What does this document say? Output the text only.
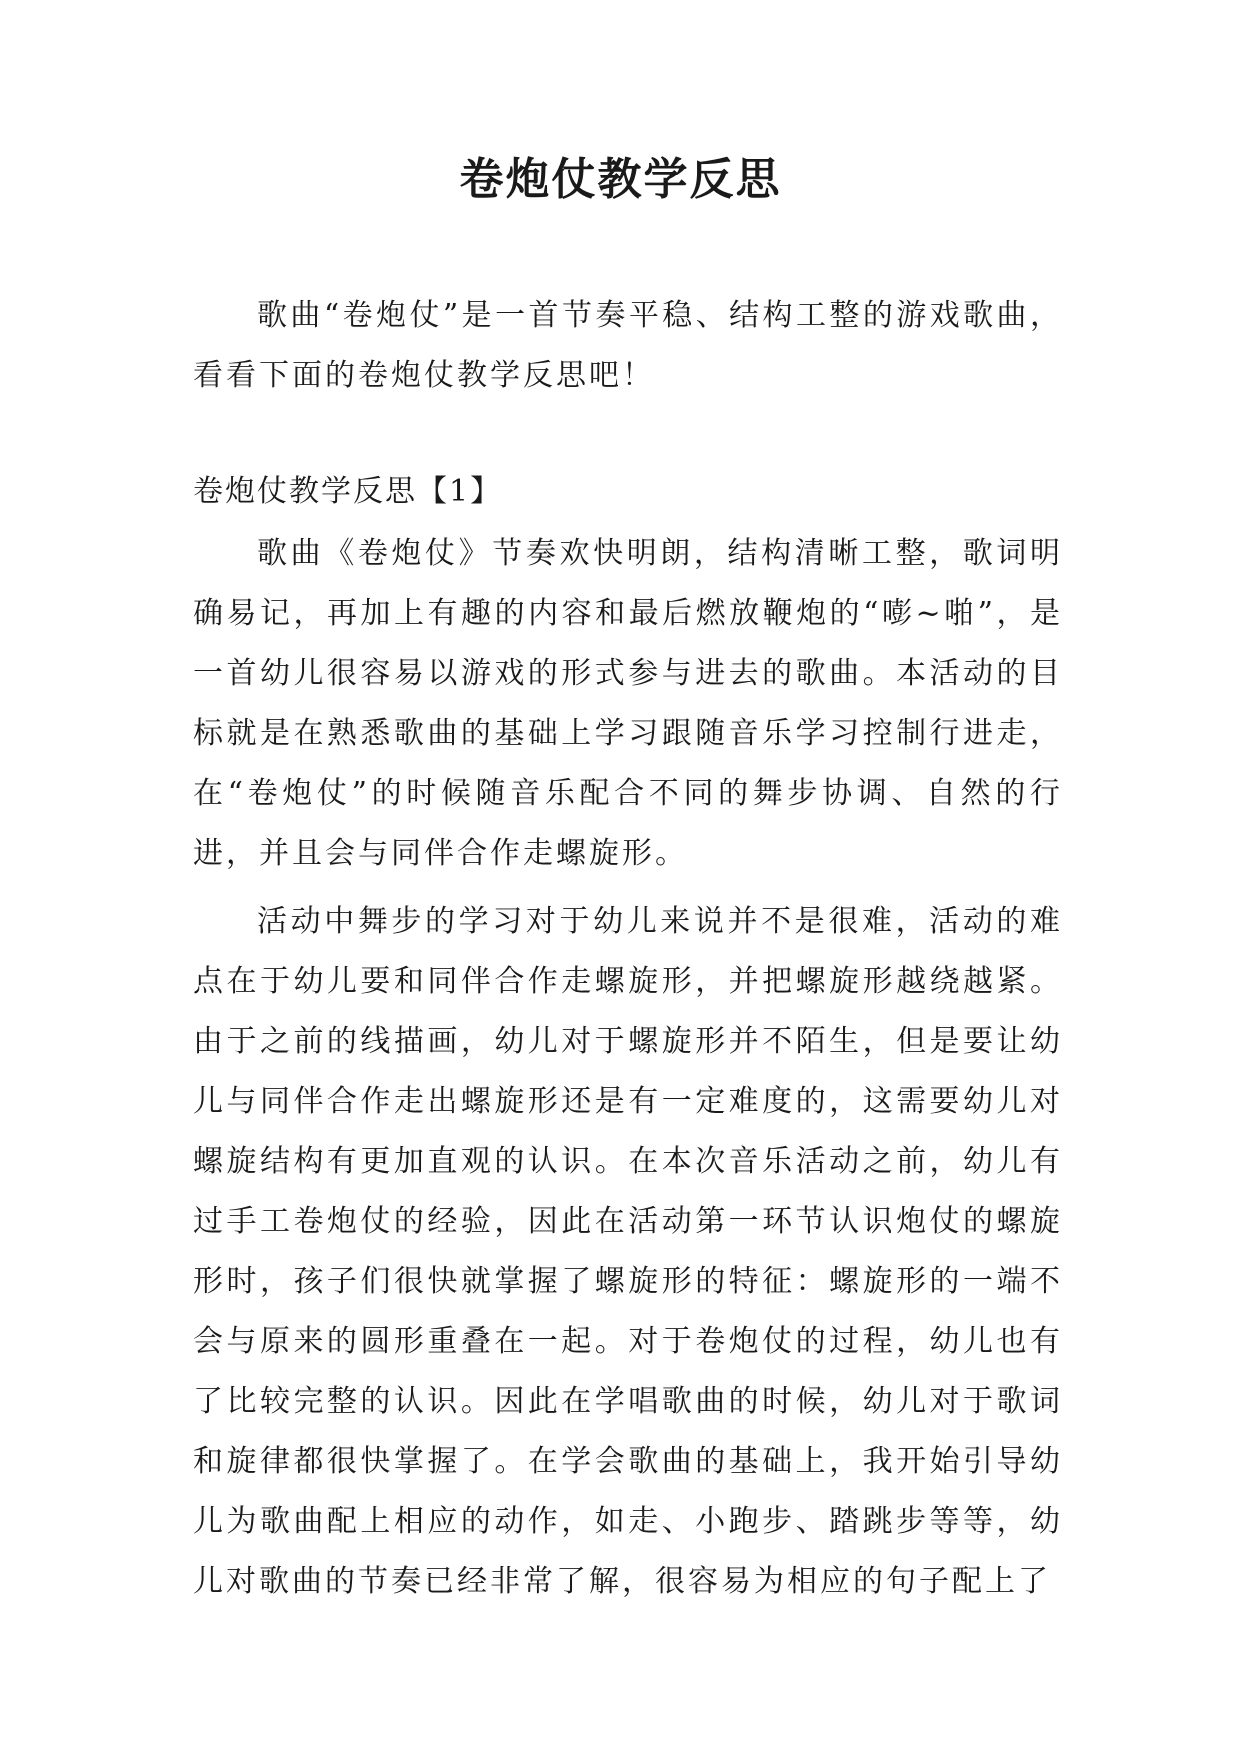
卷炮仗教学反思

歌曲“卷炮仗”是一首节奏平稳、结构工整的游戏歌曲，看看下面的卷炮仗教学反思吧！

卷炮仗教学反思【1】

歌曲《卷炮仗》节奏欢快明朗，结构清晰工整，歌词明确易记，再加上有趣的内容和最后燃放鞭炮的“嘭~啪”，是一首幼儿很容易以游戏的形式参与进去的歌曲。本活动的目标就是在熟悉歌曲的基础上学习跟随音乐学习控制行进走，在“卷炮仗”的时候随音乐配合不同的舞步协调、自然的行进，并且会与同伴合作走螺旋形。

活动中舞步的学习对于幼儿来说并不是很难，活动的难点在于幼儿要和同伴合作走螺旋形，并把螺旋形越绕越紧。由于之前的线描画，幼儿对于螺旋形并不陌生，但是要让幼儿与同伴合作走出螺旋形还是有一定难度的，这需要幼儿对螺旋结构有更加直观的认识。在本次音乐活动之前，幼儿有过手工卷炮仗的经验，因此在活动第一环节认识炮仗的螺旋形时，孩子们很快就掌握了螺旋形的特征：螺旋形的一端不会与原来的圆形重叠在一起。对于卷炮仗的过程，幼儿也有了比较完整的认识。因此在学唱歌曲的时候，幼儿对于歌词和旋律都很快掌握了。在学会歌曲的基础上，我开始引导幼儿为歌曲配上相应的动作，如走、小跑步、踏跳步等等，幼儿对歌曲的节奏已经非常了解，很容易为相应的句子配上了
